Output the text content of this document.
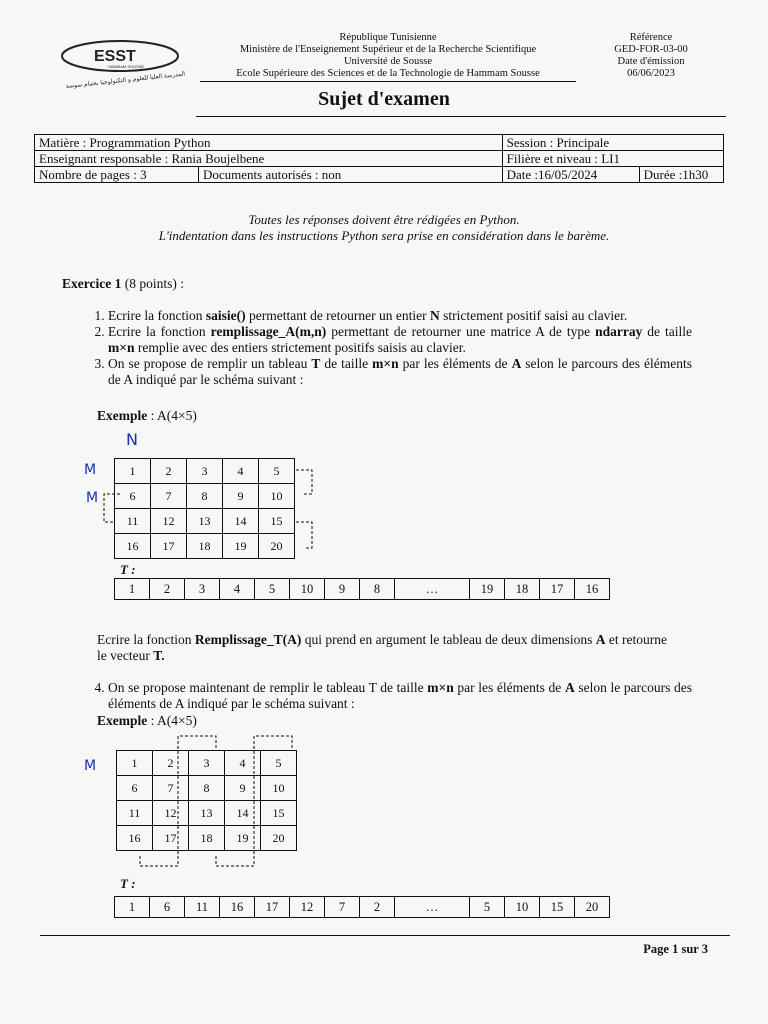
ESST
HAMMAM SOUSSE
المدرسة العليا للعلوم و التكنولوجيا بحمام سوسة
République Tunisienne
Ministère de l'Enseignement Supérieur et de la Recherche Scientifique
Université de Sousse
Ecole Supérieure des Sciences et de la Technologie de Hammam Sousse
Référence
GED-FOR-03-00
Date d'émission
06/06/2023
Sujet d'examen
Matière : Programmation Python		Session : Principale	
Enseignant responsable : Rania Boujelbene		Filière et niveau : LI1	
Nombre de pages : 3	Documents autorisés : non	Date :16/05/2024	Durée :1h30
Toutes les réponses doivent être rédigées en Python.
L'indentation dans les instructions Python sera prise en considération dans le barème.
Exercice 1 (8 points) :
1. Ecrire la fonction saisie() permettant de retourner un entier N strictement positif saisi au clavier.
2. Ecrire la fonction remplissage_A(m,n) permettant de retourner une matrice A de type ndarray de taille m×n remplie avec des entiers strictement positifs saisis au clavier.
3. On se propose de remplir un tableau T de taille m×n par les éléments de A selon le parcours des éléments de A indiqué par le schéma suivant :
Exemple : A(4×5)
N
M
M
1	2	3	4	5
6	7	8	9	10
11	12	13	14	15
16	17	18	19	20
T :
1	2	3	4	5	10	9	8	…	19	18	17	16
Ecrire la fonction Remplissage_T(A) qui prend en argument le tableau de deux dimensions A et retourne le vecteur T.
4. On se propose maintenant de remplir le tableau T de taille m×n par les éléments de A selon le parcours des éléments de A indiqué par le schéma suivant :
Exemple : A(4×5)
M	1	2	3	4	5
6	7	8	9	10
11	12	13	14	15
16	17	18	19	20
T :
1	6	11	16	17	12	7	2	…	5	10	15	20
Page 1 sur 3
